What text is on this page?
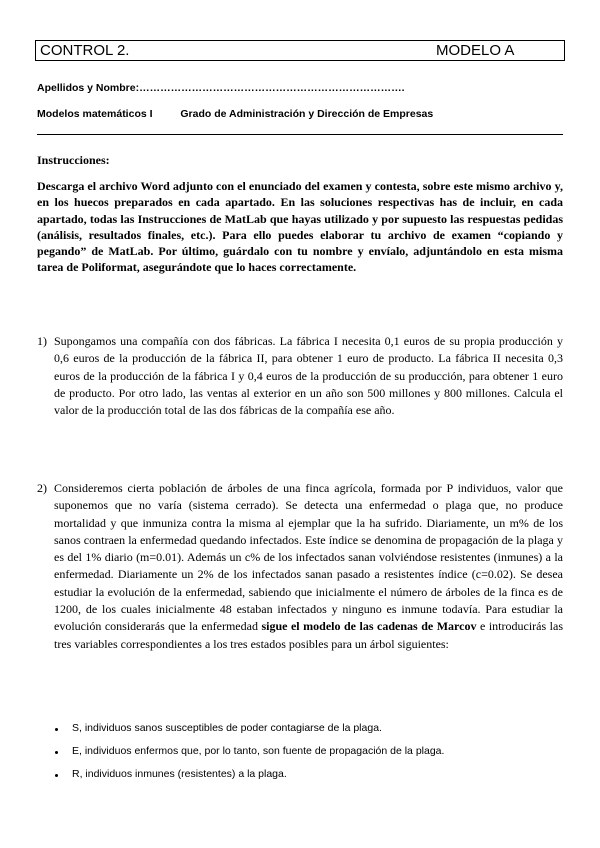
CONTROL 2.	MODELO A
Apellidos y Nombre:………………………………………………………………….
Modelos matemáticos I	Grado de Administración y Dirección de Empresas
Instrucciones:
Descarga el archivo Word adjunto con el enunciado del examen y contesta, sobre este mismo archivo y, en los huecos preparados en cada apartado. En las soluciones respectivas has de incluir, en cada apartado, todas las Instrucciones de MatLab que hayas utilizado y por supuesto las respuestas pedidas (análisis, resultados finales, etc.). Para ello puedes elaborar tu archivo de examen “copiando y pegando” de MatLab. Por último, guárdalo con tu nombre y envíalo, adjuntándolo en esta misma tarea de Poliformat, asegurándote que lo haces correctamente.
1) Supongamos una compañía con dos fábricas. La fábrica I necesita 0,1 euros de su propia producción y 0,6 euros de la producción de la fábrica II, para obtener 1 euro de producto. La fábrica II necesita 0,3 euros de la producción de la fábrica I y 0,4 euros de la producción de su producción, para obtener 1 euro de producto. Por otro lado, las ventas al exterior en un año son 500 millones y 800 millones. Calcula el valor de la producción total de las dos fábricas de la compañía ese año.
2) Consideremos cierta población de árboles de una finca agrícola, formada por P individuos, valor que suponemos que no varía (sistema cerrado). Se detecta una enfermedad o plaga que, no produce mortalidad y que inmuniza contra la misma al ejemplar que la ha sufrido. Diariamente, un m% de los sanos contraen la enfermedad quedando infectados. Este índice se denomina de propagación de la plaga y es del 1% diario (m=0.01). Además un c% de los infectados sanan volviéndose resistentes (inmunes) a la enfermedad. Diariamente un 2% de los infectados sanan pasado a resistentes índice (c=0.02). Se desea estudiar la evolución de la enfermedad, sabiendo que inicialmente el número de árboles de la finca es de 1200, de los cuales inicialmente 48 estaban infectados y ninguno es inmune todavía. Para estudiar la evolución considerarás que la enfermedad sigue el modelo de las cadenas de Marcov e introducirás las tres variables correspondientes a los tres estados posibles para un árbol siguientes:
S, individuos sanos susceptibles de poder contagiarse de la plaga.
E, individuos enfermos que, por lo tanto, son fuente de propagación de la plaga.
R, individuos inmunes (resistentes) a la plaga.
